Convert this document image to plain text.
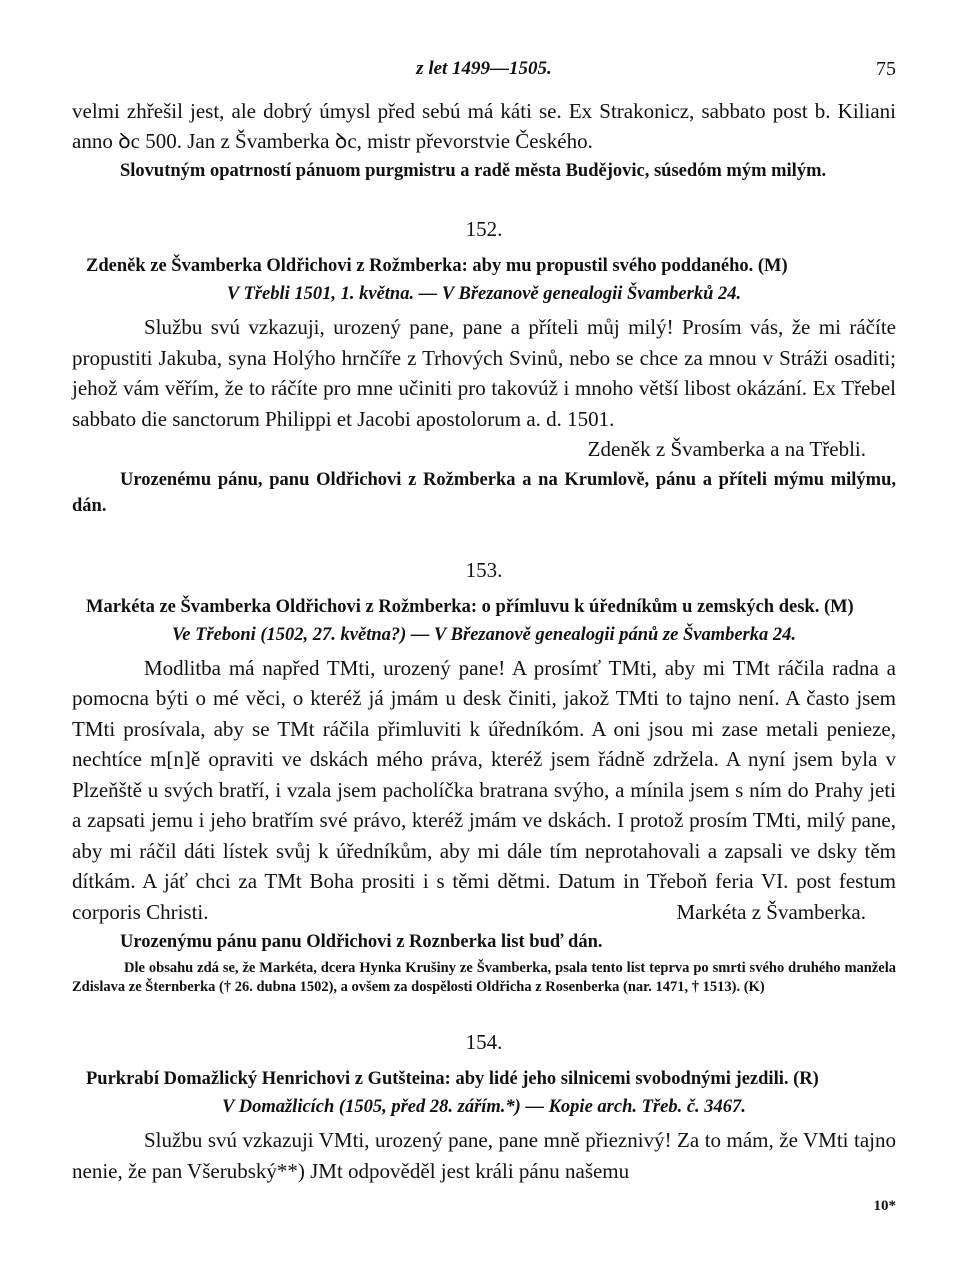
z let 1499—1505.	75

velmi zhřešil jest, ale dobrý úmysl před sebú má káti se. Ex Strakonicz, sabbato post b. Kiliani anno ꝺc 500. Jan z Švamberka ꝺc, mistr převorstvie Českého.

Slovutným opatrností pánuom purgmistru a radě města Budějovic, súsedóm mým milým.

152.

Zdeněk ze Švamberka Oldřichovi z Rožmberka: aby mu propustil svého poddaného. (M)

V Třebli 1501, 1. května. — V Březanově genealogii Švamberků 24.

Službu svú vzkazuji, urozený pane, pane a příteli můj milý! Prosím vás, že mi ráčíte propustiti Jakuba, syna Holýho hrnčíře z Trhových Svinů, nebo se chce za mnou v Stráži osaditi; jehož vám věřím, že to ráčíte pro mne učiniti pro takovúž i mnoho větší libost okázání. Ex Třebel sabbato die sanctorum Philippi et Jacobi apostolorum a. d. 1501.
Zdeněk z Švamberka a na Třebli.

Urozenému pánu, panu Oldřichovi z Rožmberka a na Krumlově, pánu a příteli mýmu milýmu, dán.

153.

Markéta ze Švamberka Oldřichovi z Rožmberka: o přímluvu k úředníkům u zemských desk. (M)

Ve Třeboni (1502, 27. května?) — V Březanově genealogii pánů ze Švamberka 24.

Modlitba má napřed TMti, urozený pane! A prosímť TMti, aby mi TMt ráčila radna a pomocna býti o mé věci, o kteréž já jmám u desk činiti, jakož TMti to tajno není. A často jsem TMti prosívala, aby se TMt ráčila přimluviti k úředníkóm. A oni jsou mi zase metali penieze, nechtíce m[n]ě opraviti ve dskách mého práva, kteréž jsem řádně zdržela. A nyní jsem byla v Plzeňště u svých bratří, i vzala jsem pacholíčka bratrana svýho, a mínila jsem s ním do Prahy jeti a zapsati jemu i jeho bratřím své právo, kteréž jmám ve dskách. I protož prosím TMti, milý pane, aby mi ráčil dáti lístek svůj k úředníkům, aby mi dále tím neprotahovali a zapsali ve dsky těm dítkám. A jáť chci za TMt Boha prositi i s těmi dětmi. Datum in Třeboň feria VI. post festum corporis Christi.	Markéta z Švamberka.

Urozenýmu pánu panu Oldřichovi z Roznberka list buď dán.

Dle obsahu zdá se, že Markéta, dcera Hynka Krušiny ze Švamberka, psala tento list teprva po smrti svého druhého manžela Zdislava ze Šternberka († 26. dubna 1502), a ovšem za dospělosti Oldřicha z Rosenberka (nar. 1471, † 1513). (K)

154.

Purkrabí Domažlický Henrichovi z Gutšteina: aby lidé jeho silnicemi svobodnými jezdili. (R)

V Domažlicích (1505, před 28. zářím.*) — Kopie arch. Třeb. č. 3467.

Službu svú vzkazuji VMti, urozený pane, pane mně přieznivý! Za to mám, že VMti tajno nenie, že pan Všerubský**) JMt odpověděl jest králi pánu našemu

10*
